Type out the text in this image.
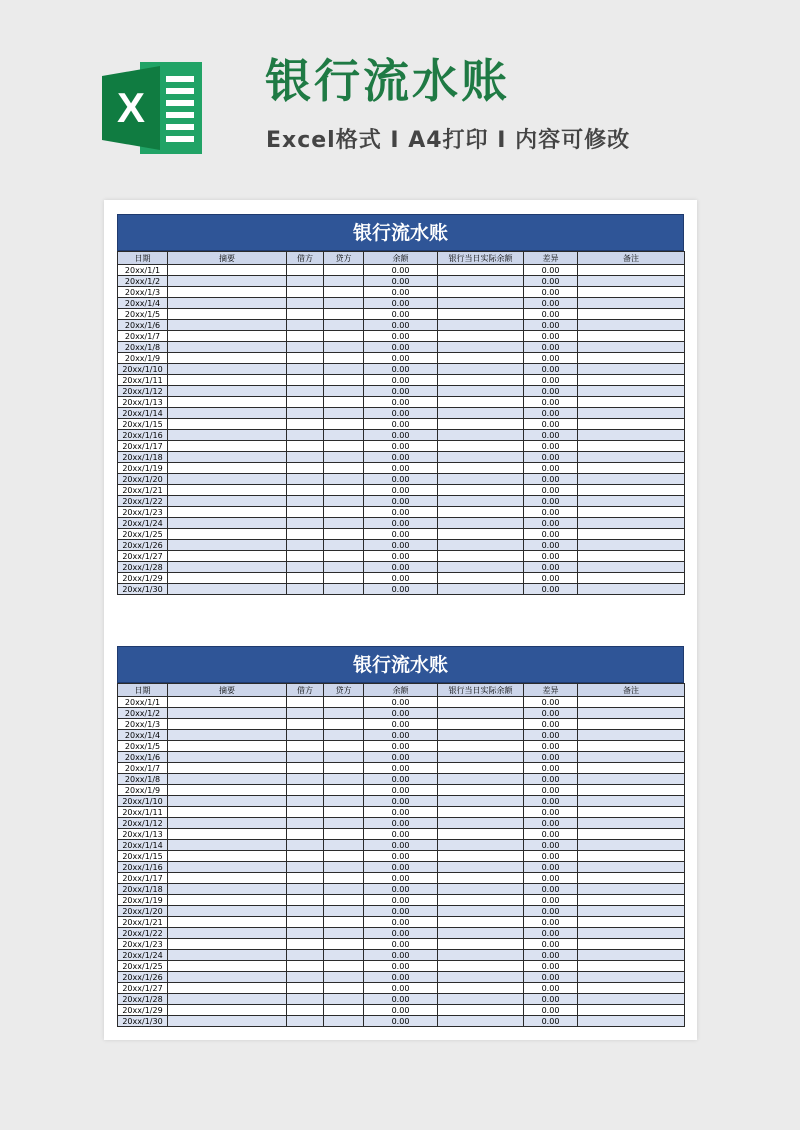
X	银行流水账
Excel格式 I A4打印 I 内容可修改
银行流水账
日期	摘要	借方	贷方	余额	银行当日实际余额	差异	备注
20xx/1/1				0.00		0.00	
20xx/1/2				0.00		0.00	
20xx/1/3				0.00		0.00	
20xx/1/4				0.00		0.00	
20xx/1/5				0.00		0.00	
20xx/1/6				0.00		0.00	
20xx/1/7				0.00		0.00	
20xx/1/8				0.00		0.00	
20xx/1/9				0.00		0.00	
20xx/1/10				0.00		0.00	
20xx/1/11				0.00		0.00	
20xx/1/12				0.00		0.00	
20xx/1/13				0.00		0.00	
20xx/1/14				0.00		0.00	
20xx/1/15				0.00		0.00	
20xx/1/16				0.00		0.00	
20xx/1/17				0.00		0.00	
20xx/1/18				0.00		0.00	
20xx/1/19				0.00		0.00	
20xx/1/20				0.00		0.00	
20xx/1/21				0.00		0.00	
20xx/1/22				0.00		0.00	
20xx/1/23				0.00		0.00	
20xx/1/24				0.00		0.00	
20xx/1/25				0.00		0.00	
20xx/1/26				0.00		0.00	
20xx/1/27				0.00		0.00	
20xx/1/28				0.00		0.00	
20xx/1/29				0.00		0.00	
20xx/1/30				0.00		0.00	
银行流水账
日期	摘要	借方	贷方	余额	银行当日实际余额	差异	备注
20xx/1/1				0.00		0.00	
20xx/1/2				0.00		0.00	
20xx/1/3				0.00		0.00	
20xx/1/4				0.00		0.00	
20xx/1/5				0.00		0.00	
20xx/1/6				0.00		0.00	
20xx/1/7				0.00		0.00	
20xx/1/8				0.00		0.00	
20xx/1/9				0.00		0.00	
20xx/1/10				0.00		0.00	
20xx/1/11				0.00		0.00	
20xx/1/12				0.00		0.00	
20xx/1/13				0.00		0.00	
20xx/1/14				0.00		0.00	
20xx/1/15				0.00		0.00	
20xx/1/16				0.00		0.00	
20xx/1/17				0.00		0.00	
20xx/1/18				0.00		0.00	
20xx/1/19				0.00		0.00	
20xx/1/20				0.00		0.00	
20xx/1/21				0.00		0.00	
20xx/1/22				0.00		0.00	
20xx/1/23				0.00		0.00	
20xx/1/24				0.00		0.00	
20xx/1/25				0.00		0.00	
20xx/1/26				0.00		0.00	
20xx/1/27				0.00		0.00	
20xx/1/28				0.00		0.00	
20xx/1/29				0.00		0.00	
20xx/1/30				0.00		0.00	
